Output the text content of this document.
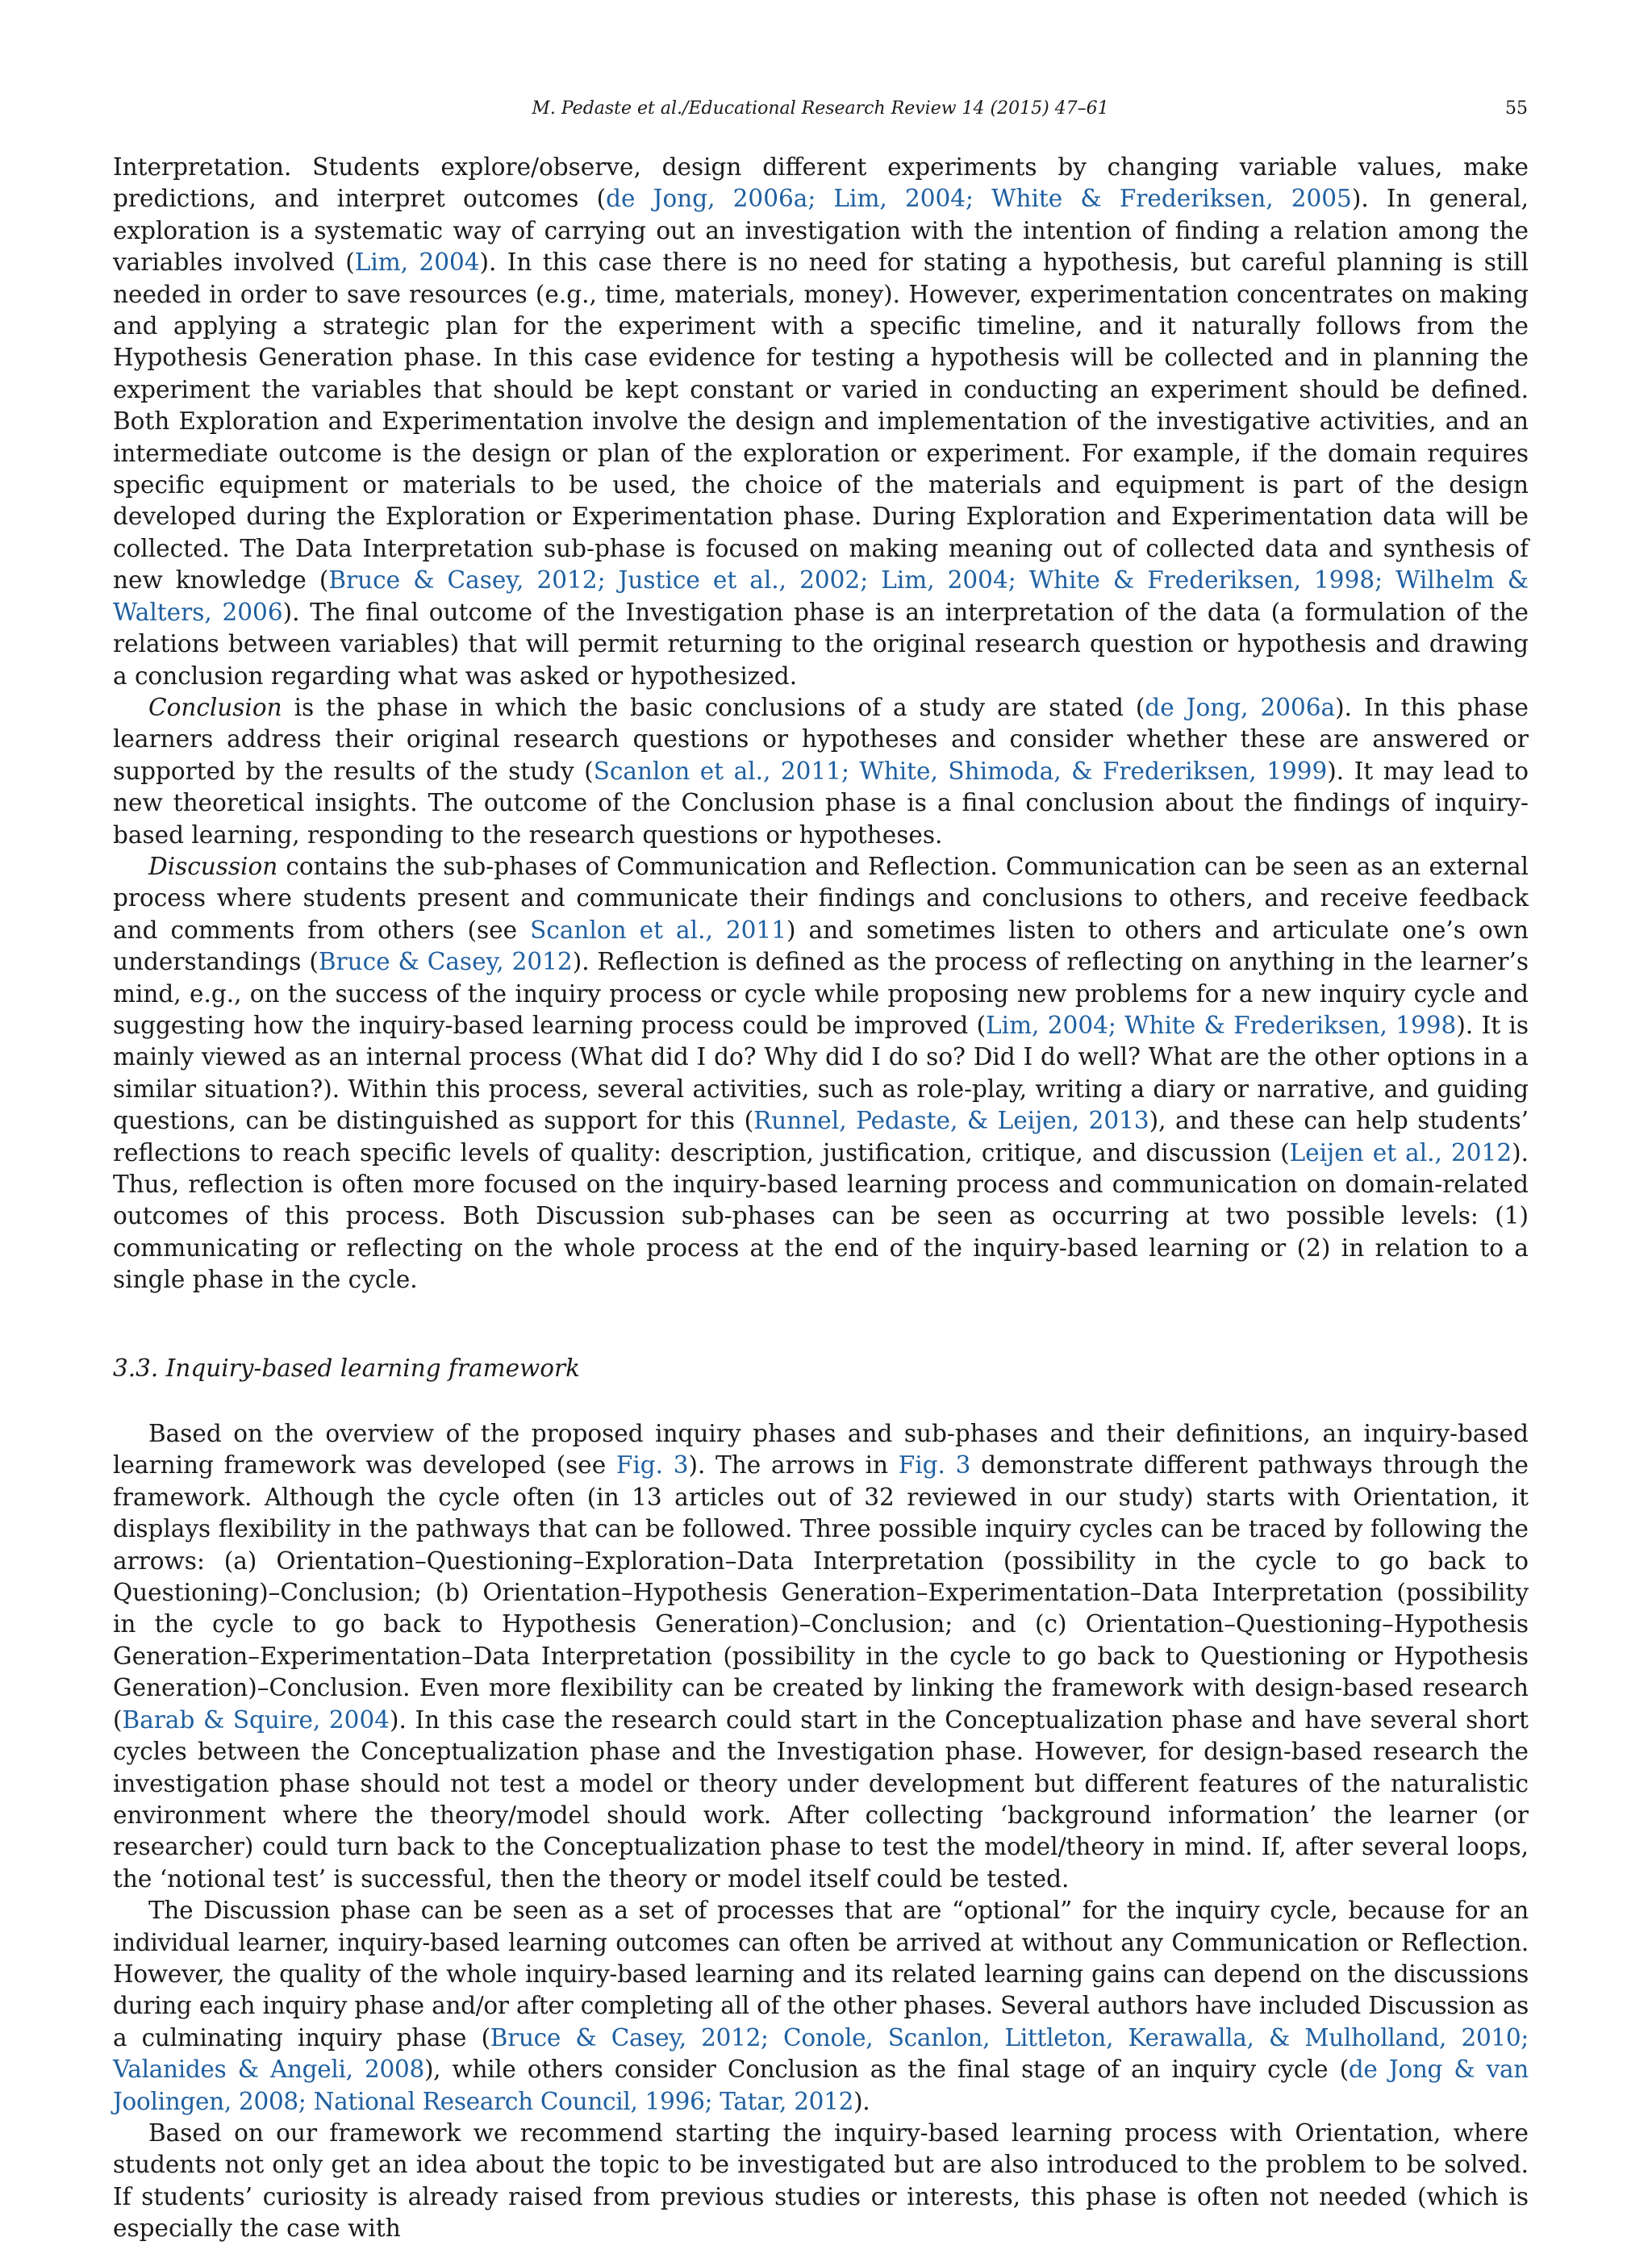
M. Pedaste et al./Educational Research Review 14 (2015) 47–61	55

Interpretation. Students explore/observe, design different experiments by changing variable values, make predictions, and interpret outcomes (de Jong, 2006a; Lim, 2004; White & Frederiksen, 2005). In general, exploration is a systematic way of carrying out an investigation with the intention of finding a relation among the variables involved (Lim, 2004). In this case there is no need for stating a hypothesis, but careful planning is still needed in order to save resources (e.g., time, materials, money). However, experimentation concentrates on making and applying a strategic plan for the experiment with a specific timeline, and it naturally follows from the Hypothesis Generation phase. In this case evidence for testing a hypothesis will be collected and in planning the experiment the variables that should be kept constant or varied in conducting an experiment should be defined. Both Exploration and Experimentation involve the design and implementation of the investigative activities, and an intermediate outcome is the design or plan of the exploration or experiment. For example, if the domain requires specific equipment or materials to be used, the choice of the materials and equipment is part of the design developed during the Exploration or Experimentation phase. During Exploration and Experimentation data will be collected. The Data Interpretation sub-phase is focused on making meaning out of collected data and synthesis of new knowledge (Bruce & Casey, 2012; Justice et al., 2002; Lim, 2004; White & Frederiksen, 1998; Wilhelm & Walters, 2006). The final outcome of the Investigation phase is an interpretation of the data (a formulation of the relations between variables) that will permit returning to the original research question or hypothesis and drawing a conclusion regarding what was asked or hypothesized.

Conclusion is the phase in which the basic conclusions of a study are stated (de Jong, 2006a). In this phase learners address their original research questions or hypotheses and consider whether these are answered or supported by the results of the study (Scanlon et al., 2011; White, Shimoda, & Frederiksen, 1999). It may lead to new theoretical insights. The outcome of the Conclusion phase is a final conclusion about the findings of inquiry-based learning, responding to the research questions or hypotheses.

Discussion contains the sub-phases of Communication and Reflection. Communication can be seen as an external process where students present and communicate their findings and conclusions to others, and receive feedback and comments from others (see Scanlon et al., 2011) and sometimes listen to others and articulate one’s own understandings (Bruce & Casey, 2012). Reflection is defined as the process of reflecting on anything in the learner’s mind, e.g., on the success of the inquiry process or cycle while proposing new problems for a new inquiry cycle and suggesting how the inquiry-based learning process could be improved (Lim, 2004; White & Frederiksen, 1998). It is mainly viewed as an internal process (What did I do? Why did I do so? Did I do well? What are the other options in a similar situation?). Within this process, several activities, such as role-play, writing a diary or narrative, and guiding questions, can be distinguished as support for this (Runnel, Pedaste, & Leijen, 2013), and these can help students’ reflections to reach specific levels of quality: description, justification, critique, and discussion (Leijen et al., 2012). Thus, reflection is often more focused on the inquiry-based learning process and communication on domain-related outcomes of this process. Both Discussion sub-phases can be seen as occurring at two possible levels: (1) communicating or reflecting on the whole process at the end of the inquiry-based learning or (2) in relation to a single phase in the cycle.

3.3. Inquiry-based learning framework

Based on the overview of the proposed inquiry phases and sub-phases and their definitions, an inquiry-based learning framework was developed (see Fig. 3). The arrows in Fig. 3 demonstrate different pathways through the framework. Although the cycle often (in 13 articles out of 32 reviewed in our study) starts with Orientation, it displays flexibility in the pathways that can be followed. Three possible inquiry cycles can be traced by following the arrows: (a) Orientation–Questioning–Exploration–Data Interpretation (possibility in the cycle to go back to Questioning)–Conclusion; (b) Orientation–Hypothesis Generation–Experimentation–Data Interpretation (possibility in the cycle to go back to Hypothesis Generation)–Conclusion; and (c) Orientation–Questioning–Hypothesis Generation–Experimentation–Data Interpretation (possibility in the cycle to go back to Questioning or Hypothesis Generation)–Conclusion. Even more flexibility can be created by linking the framework with design-based research (Barab & Squire, 2004). In this case the research could start in the Conceptualization phase and have several short cycles between the Conceptualization phase and the Investigation phase. However, for design-based research the investigation phase should not test a model or theory under development but different features of the naturalistic environment where the theory/model should work. After collecting ‘background information’ the learner (or researcher) could turn back to the Conceptualization phase to test the model/theory in mind. If, after several loops, the ‘notional test’ is successful, then the theory or model itself could be tested.

The Discussion phase can be seen as a set of processes that are “optional” for the inquiry cycle, because for an individual learner, inquiry-based learning outcomes can often be arrived at without any Communication or Reflection. However, the quality of the whole inquiry-based learning and its related learning gains can depend on the discussions during each inquiry phase and/or after completing all of the other phases. Several authors have included Discussion as a culminating inquiry phase (Bruce & Casey, 2012; Conole, Scanlon, Littleton, Kerawalla, & Mulholland, 2010; Valanides & Angeli, 2008), while others consider Conclusion as the final stage of an inquiry cycle (de Jong & van Joolingen, 2008; National Research Council, 1996; Tatar, 2012).

Based on our framework we recommend starting the inquiry-based learning process with Orientation, where students not only get an idea about the topic to be investigated but are also introduced to the problem to be solved. If students’ curiosity is already raised from previous studies or interests, this phase is often not needed (which is especially the case with
